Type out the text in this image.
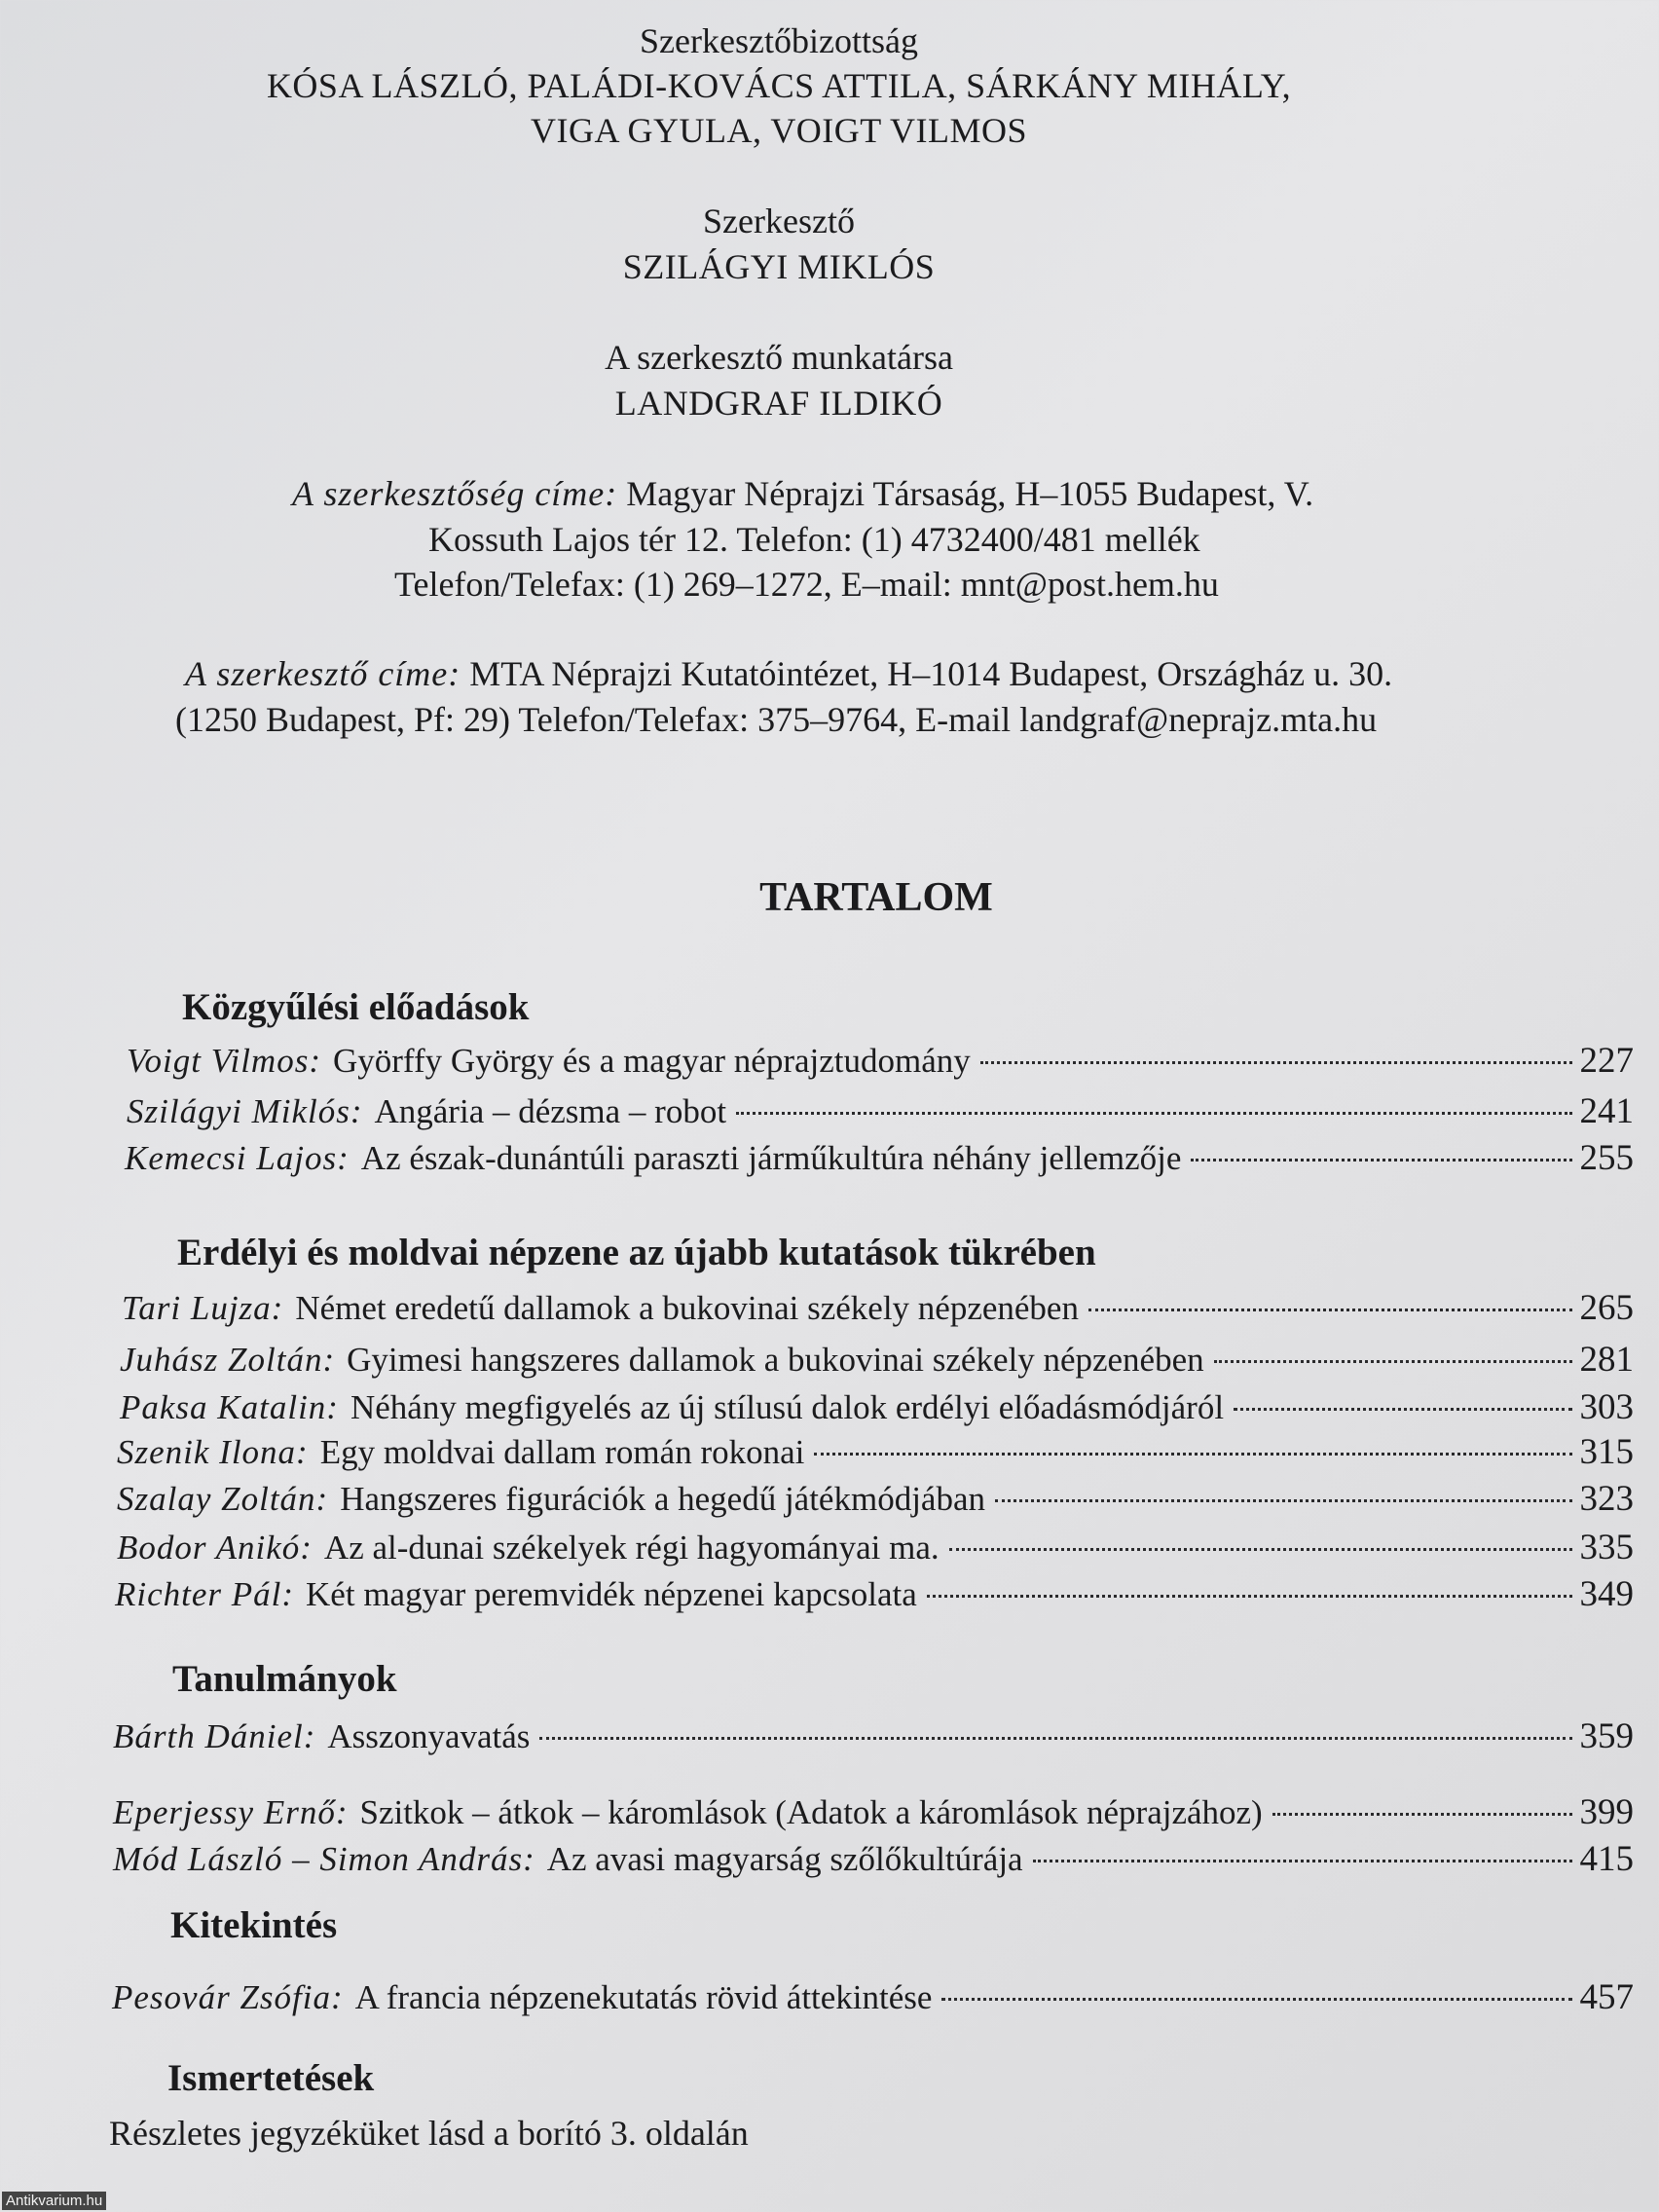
Szerkesztőbizottság
KÓSA LÁSZLÓ, PALÁDI-KOVÁCS ATTILA, SÁRKÁNY MIHÁLY,
VIGA GYULA, VOIGT VILMOS
Szerkesztő
SZILÁGYI MIKLÓS
A szerkesztő munkatársa
LANDGRAF ILDIKÓ
A szerkesztőség címe: Magyar Néprajzi Társaság, H–1055 Budapest, V.
Kossuth Lajos tér 12. Telefon: (1) 4732400/481 mellék
Telefon/Telefax: (1) 269–1272, E–mail: mnt@post.hem.hu
A szerkesztő címe: MTA Néprajzi Kutatóintézet, H–1014 Budapest, Országház u. 30.
(1250 Budapest, Pf: 29) Telefon/Telefax: 375–9764, E-mail landgraf@neprajz.mta.hu
TARTALOM
Közgyűlési előadások
Voigt Vilmos: Györffy György és a magyar néprajztudomány	227
Szilágyi Miklós: Angária – dézsma – robot	241
Kemecsi Lajos: Az észak-dunántúli paraszti járműkultúra néhány jellemzője	255
Erdélyi és moldvai népzene az újabb kutatások tükrében
Tari Lujza: Német eredetű dallamok a bukovinai székely népzenében	265
Juhász Zoltán: Gyimesi hangszeres dallamok a bukovinai székely népzenében	281
Paksa Katalin: Néhány megfigyelés az új stílusú dalok erdélyi előadásmódjáról	303
Szenik Ilona: Egy moldvai dallam román rokonai	315
Szalay Zoltán: Hangszeres figurációk a hegedű játékmódjában	323
Bodor Anikó: Az al-dunai székelyek régi hagyományai ma.	335
Richter Pál: Két magyar peremvidék népzenei kapcsolata	349
Tanulmányok
Bárth Dániel: Asszonyavatás	359
Eperjessy Ernő: Szitkok – átkok – káromlások (Adatok a káromlások néprajzához)	399
Mód László – Simon András: Az avasi magyarság szőlőkultúrája	415
Kitekintés
Pesovár Zsófia: A francia népzenekutatás rövid áttekintése	457
Ismertetések
Részletes jegyzéküket lásd a borító 3. oldalán
Antikvarium.hu
